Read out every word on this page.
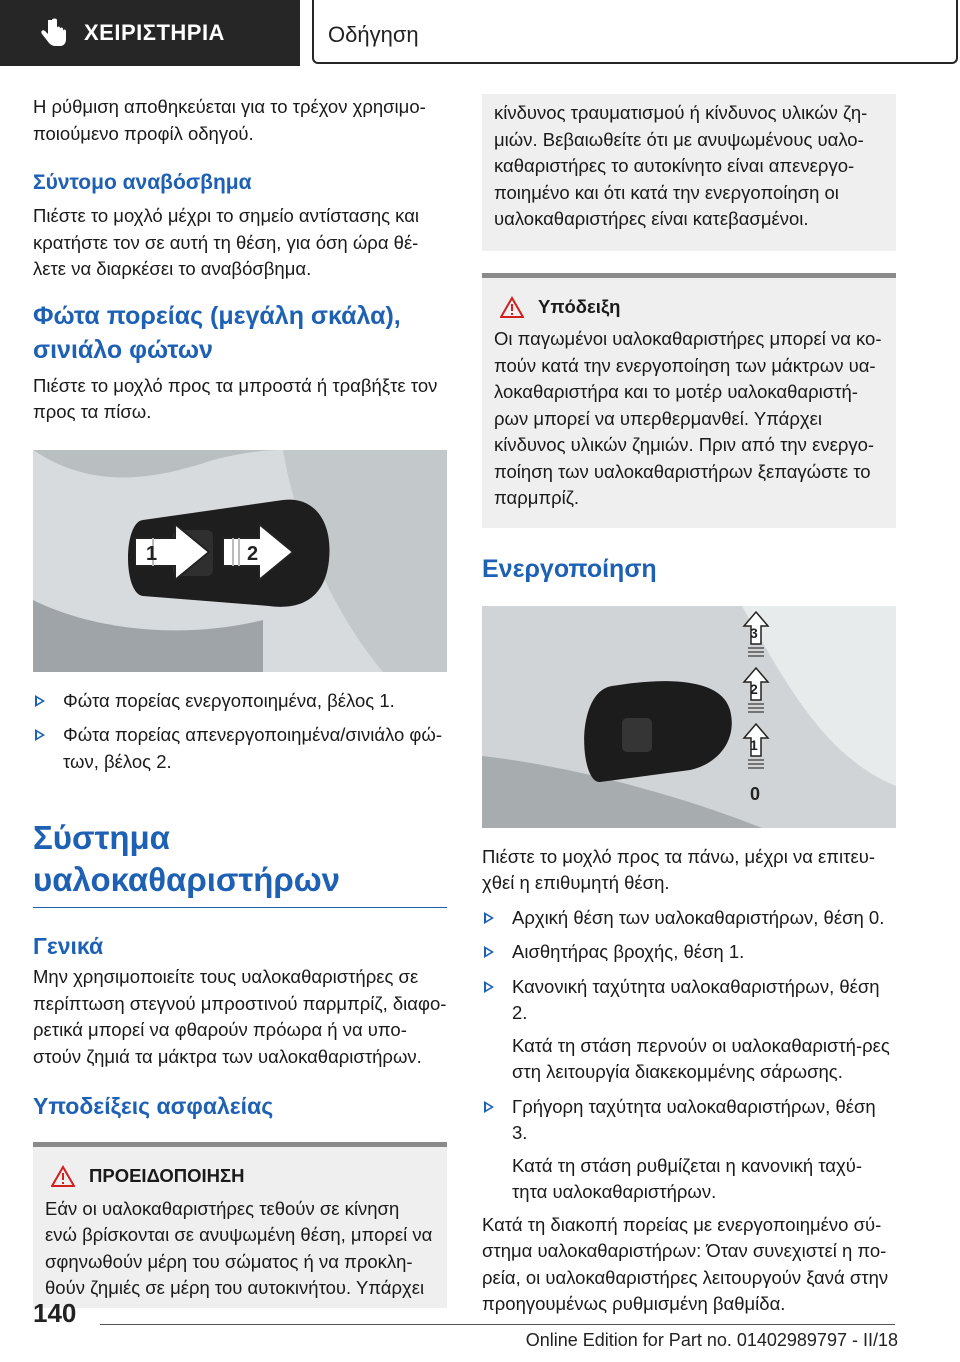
ΧΕΙΡΙΣΤΗΡΙΑ	Οδήγηση

Η ρύθμιση αποθηκεύεται για το τρέχον χρησιμο-ποιούμενο προφίλ οδηγού.

Σύντομο αναβόσβημα

Πιέστε το μοχλό μέχρι το σημείο αντίστασης και κρατήστε τον σε αυτή τη θέση, για όση ώρα θέ-λετε να διαρκέσει το αναβόσβημα.

Φώτα πορείας (μεγάλη σκάλα), σινιάλο φώτων

Πιέστε το μοχλό προς τα μπροστά ή τραβήξτε τον προς τα πίσω.

1	2
Φώτα πορείας ενεργοποιημένα, βέλος 1.
Φώτα πορείας απενεργοποιημένα/σινιάλο φώ-των, βέλος 2.
Σύστημα υαλοκαθαριστήρων
Γενικά

Μην χρησιμοποιείτε τους υαλοκαθαριστήρες σε περίπτωση στεγνού μπροστινού παρμπρίζ, διαφο-ρετικά μπορεί να φθαρούν πρόωρα ή να υπο-στούν ζημιά τα μάκτρα των υαλοκαθαριστήρων.

Υποδείξεις ασφαλείας
ΠΡΟΕΙΔΟΠΟΙΗΣΗ

Εάν οι υαλοκαθαριστήρες τεθούν σε κίνηση ενώ βρίσκονται σε ανυψωμένη θέση, μπορεί να σφηνωθούν μέρη του σώματος ή να προκλη-θούν ζημιές σε μέρη του αυτοκινήτου. Υπάρχει

κίνδυνος τραυματισμού ή κίνδυνος υλικών ζη-μιών. Βεβαιωθείτε ότι με ανυψωμένους υαλο-καθαριστήρες το αυτοκίνητο είναι απενεργο-ποιημένο και ότι κατά την ενεργοποίηση οι υαλοκαθαριστήρες είναι κατεβασμένοι.

Υπόδειξη

Οι παγωμένοι υαλοκαθαριστήρες μπορεί να κο-πούν κατά την ενεργοποίηση των μάκτρων υα-λοκαθαριστήρα και το μοτέρ υαλοκαθαριστή-ρων μπορεί να υπερθερμανθεί. Υπάρχει κίνδυνος υλικών ζημιών. Πριν από την ενεργο-ποίηση των υαλοκαθαριστήρων ξεπαγώστε το παρμπρίζ.

Ενεργοποίηση
3
2
1
0

Πιέστε το μοχλό προς τα πάνω, μέχρι να επιτευ-χθεί η επιθυμητή θέση.

Αρχική θέση των υαλοκαθαριστήρων, θέση 0.
Αισθητήρας βροχής, θέση 1.
Κανονική ταχύτητα υαλοκαθαριστήρων, θέση 2.

Κατά τη στάση περνούν οι υαλοκαθαριστή-ρες στη λειτουργία διακεκομμένης σάρωσης.

Γρήγορη ταχύτητα υαλοκαθαριστήρων, θέση 3.

Κατά τη στάση ρυθμίζεται η κανονική ταχύ-τητα υαλοκαθαριστήρων.

Κατά τη διακοπή πορείας με ενεργοποιημένο σύ-στημα υαλοκαθαριστήρων: Όταν συνεχιστεί η πο-ρεία, οι υαλοκαθαριστήρες λειτουργούν ξανά στην προηγουμένως ρυθμισμένη βαθμίδα.

140
Online Edition for Part no. 01402989797 - II/18
